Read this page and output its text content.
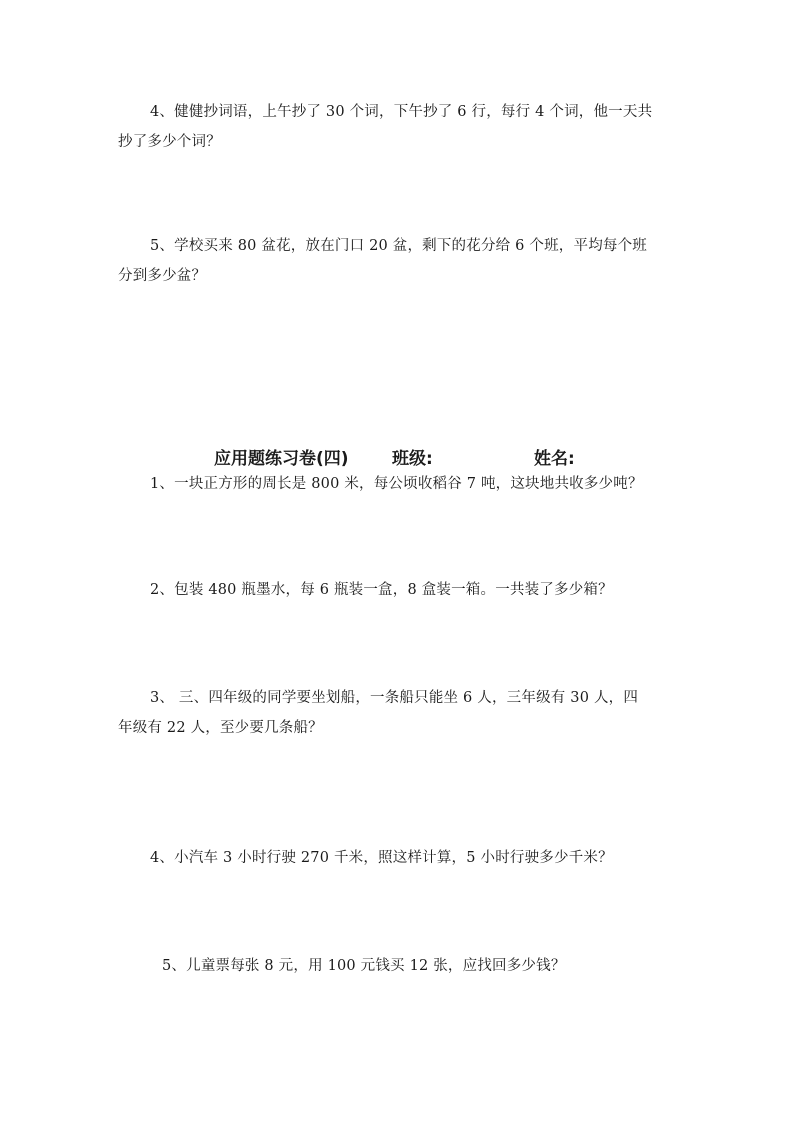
4、健健抄词语，上午抄了 30 个词，下午抄了 6 行，每行 4 个词，他一天共
抄了多少个词？
5、学校买来 80 盆花，放在门口 20 盆，剩下的花分给 6 个班，平均每个班
分到多少盆？
应用题练习卷(四)	班级:	姓名:
1、一块正方形的周长是 800 米，每公顷收稻谷 7 吨，这块地共收多少吨？
2、包装 480 瓶墨水，每 6 瓶装一盒，8 盒装一箱。一共装了多少箱？
3、 三、四年级的同学要坐划船，一条船只能坐 6 人，三年级有 30 人，四
年级有 22 人，至少要几条船？
4、小汽车 3 小时行驶 270 千米，照这样计算，5 小时行驶多少千米？
5、儿童票每张 8 元，用 100 元钱买 12 张，应找回多少钱？
